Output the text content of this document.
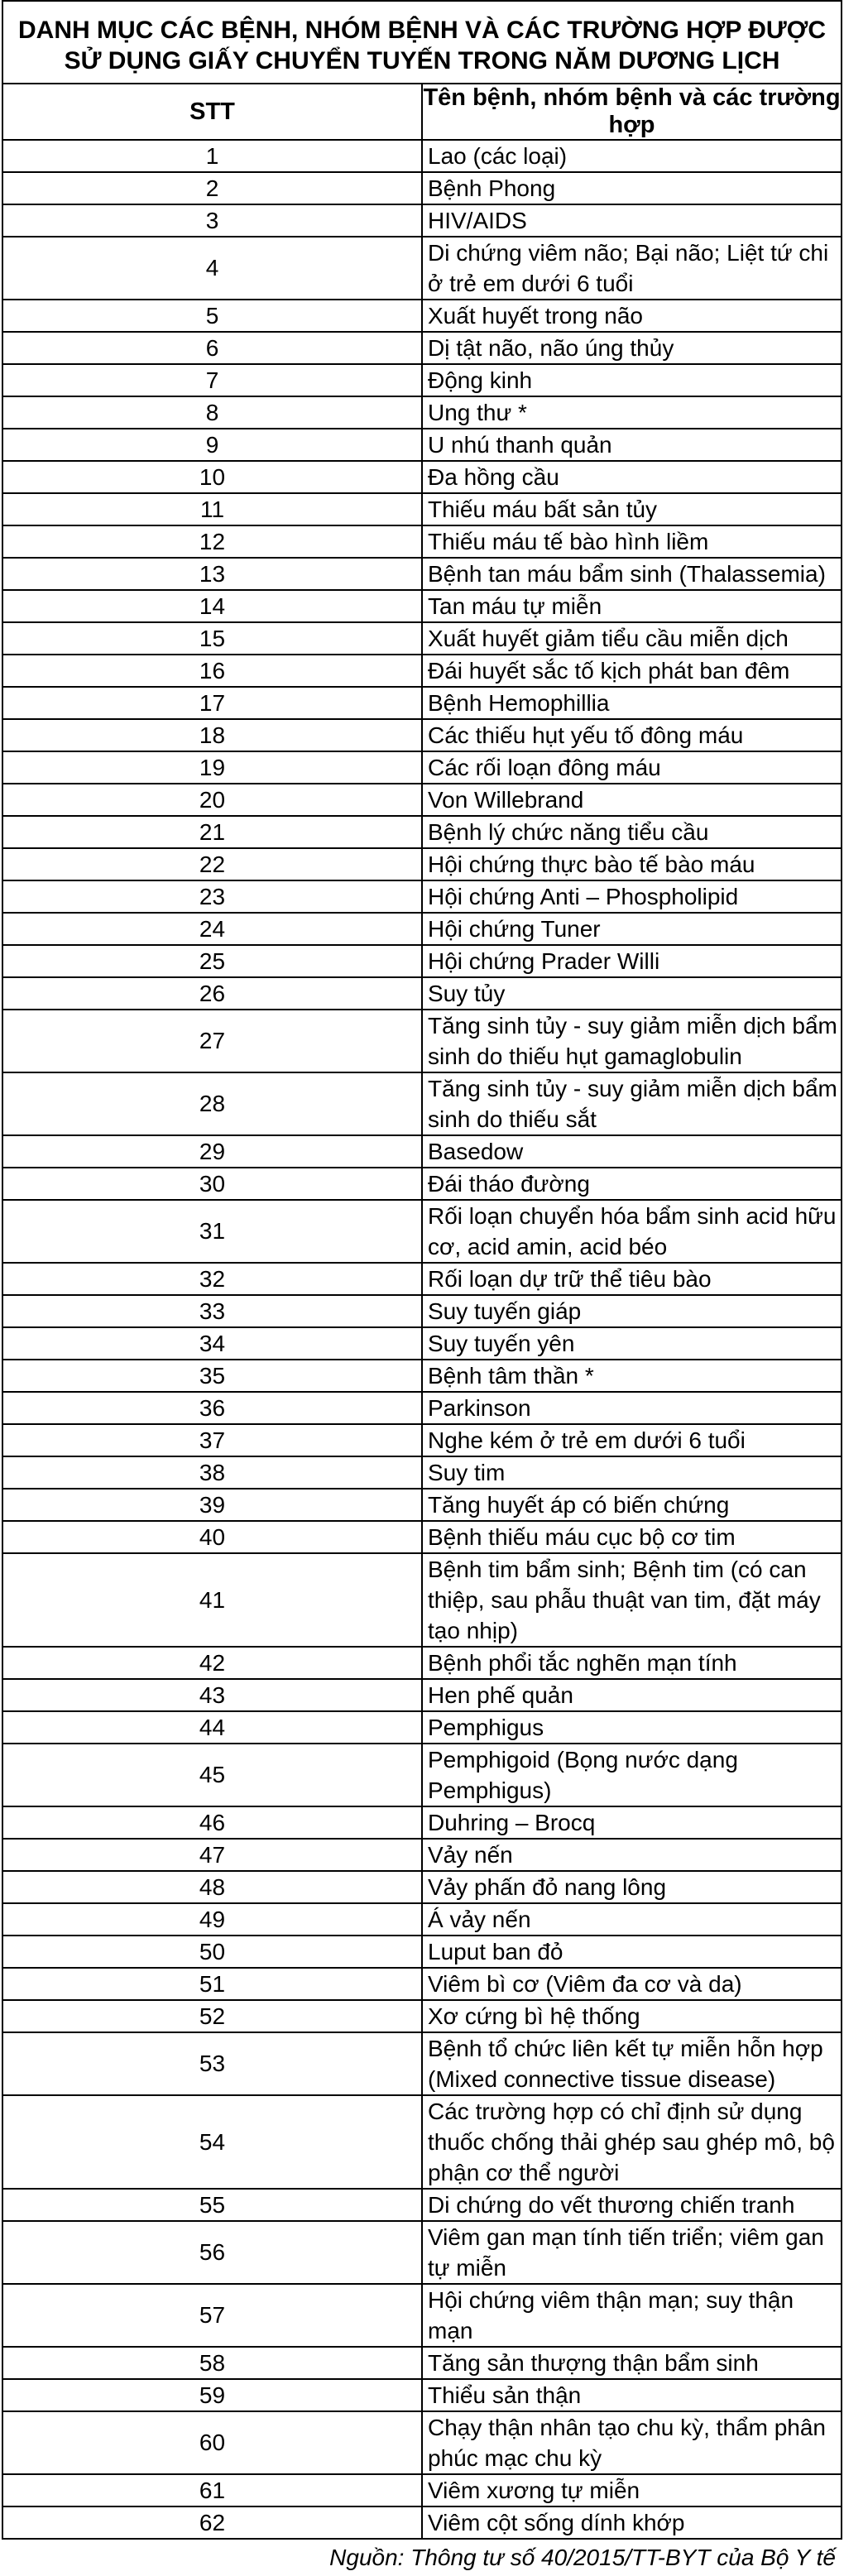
DANH MỤC CÁC BỆNH, NHÓM BỆNH VÀ CÁC TRƯỜNG HỢP ĐƯỢC
SỬ DỤNG GIẤY CHUYỂN TUYẾN TRONG NĂM DƯƠNG LỊCH	

STT	Tên bệnh, nhóm bệnh và các trường hợp
1	Lao (các loại)
2	Bệnh Phong
3	HIV/AIDS
4	Di chứng viêm não; Bại não; Liệt tứ chi ở trẻ em dưới 6 tuổi
5	Xuất huyết trong não
6	Dị tật não, não úng thủy
7	Động kinh
8	Ung thư *
9	U nhú thanh quản
10	Đa hồng cầu
11	Thiếu máu bất sản tủy
12	Thiếu máu tế bào hình liềm
13	Bệnh tan máu bẩm sinh (Thalassemia)
14	Tan máu tự miễn
15	Xuất huyết giảm tiểu cầu miễn dịch
16	Đái huyết sắc tố kịch phát ban đêm
17	Bệnh Hemophillia
18	Các thiếu hụt yếu tố đông máu
19	Các rối loạn đông máu
20	Von Willebrand
21	Bệnh lý chức năng tiểu cầu
22	Hội chứng thực bào tế bào máu
23	Hội chứng Anti – Phospholipid
24	Hội chứng Tuner
25	Hội chứng Prader Willi
26	Suy tủy
27	Tăng sinh tủy - suy giảm miễn dịch bẩm sinh do thiếu hụt gamaglobulin
28	Tăng sinh tủy - suy giảm miễn dịch bẩm sinh do thiếu sắt
29	Basedow
30	Đái tháo đường
31	Rối loạn chuyển hóa bẩm sinh acid hữu cơ, acid amin, acid béo
32	Rối loạn dự trữ thể tiêu bào
33	Suy tuyến giáp
34	Suy tuyến yên
35	Bệnh tâm thần *
36	Parkinson
37	Nghe kém ở trẻ em dưới 6 tuổi
38	Suy tim
39	Tăng huyết áp có biến chứng
40	Bệnh thiếu máu cục bộ cơ tim
41	Bệnh tim bẩm sinh; Bệnh tim (có can thiệp, sau phẫu thuật van tim, đặt máy tạo nhịp)
42	Bệnh phổi tắc nghẽn mạn tính
43	Hen phế quản
44	Pemphigus
45	Pemphigoid (Bọng nước dạng Pemphigus)
46	Duhring – Brocq
47	Vảy nến
48	Vảy phấn đỏ nang lông
49	Á vảy nến
50	Luput ban đỏ
51	Viêm bì cơ (Viêm đa cơ và da)
52	Xơ cứng bì hệ thống
53	Bệnh tổ chức liên kết tự miễn hỗn hợp (Mixed connective tissue disease)
54	Các trường hợp có chỉ định sử dụng thuốc chống thải ghép sau ghép mô, bộ phận cơ thể người
55	Di chứng do vết thương chiến tranh
56	Viêm gan mạn tính tiến triển; viêm gan tự miễn
57	Hội chứng viêm thận mạn; suy thận mạn
58	Tăng sản thượng thận bẩm sinh
59	Thiểu sản thận
60	Chạy thận nhân tạo chu kỳ, thẩm phân phúc mạc chu kỳ
61	Viêm xương tự miễn
62	Viêm cột sống dính khớp
Nguồn: Thông tư số 40/2015/TT-BYT của Bộ Y tế
